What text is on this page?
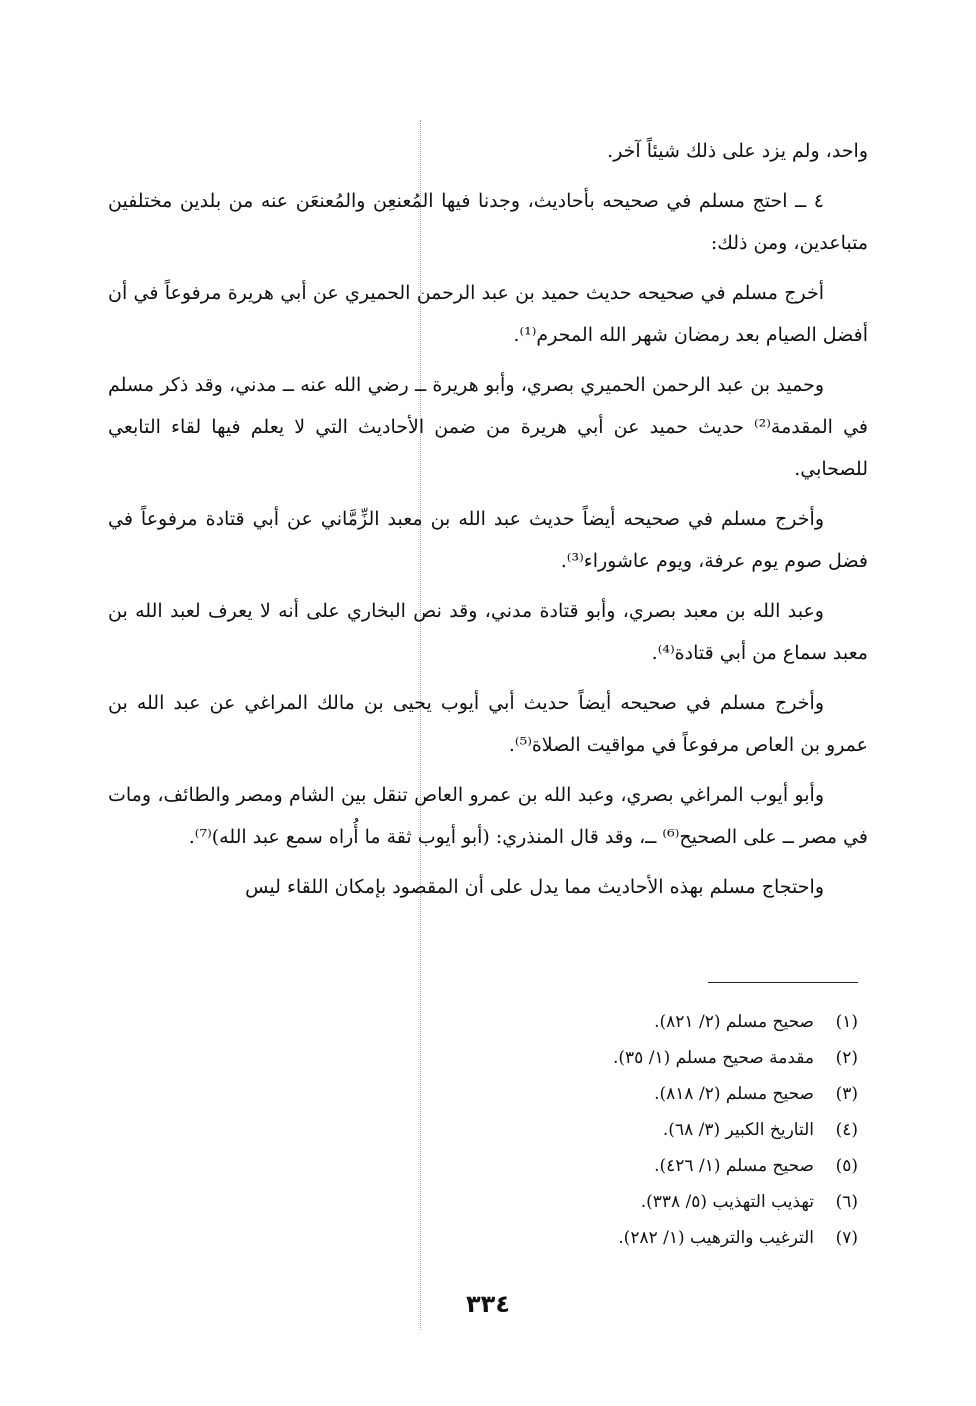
واحد، ولم يزد على ذلك شيئاً آخر.

٤ ــ احتج مسلم في صحيحه بأحاديث، وجدنا فيها المُعنعِن والمُعنعَن عنه من بلدين مختلفين متباعدين، ومن ذلك:

أخرج مسلم في صحيحه حديث حميد بن عبد الرحمن الحميري عن أبي هريرة مرفوعاً في أن أفضل الصيام بعد رمضان شهر الله المحرم⁽¹⁾.

وحميد بن عبد الرحمن الحميري بصري، وأبو هريرة ــ رضي الله عنه ــ مدني، وقد ذكر مسلم في المقدمة⁽²⁾ حديث حميد عن أبي هريرة من ضمن الأحاديث التي لا يعلم فيها لقاء التابعي للصحابي.

وأخرج مسلم في صحيحه أيضاً حديث عبد الله بن معبد الزِّمَّاني عن أبي قتادة مرفوعاً في فضل صوم يوم عرفة، ويوم عاشوراء⁽³⁾.

وعبد الله بن معبد بصري، وأبو قتادة مدني، وقد نص البخاري على أنه لا يعرف لعبد الله بن معبد سماع من أبي قتادة⁽⁴⁾.

وأخرج مسلم في صحيحه أيضاً حديث أبي أيوب يحيى بن مالك المراغي عن عبد الله بن عمرو بن العاص مرفوعاً في مواقيت الصلاة⁽⁵⁾.

وأبو أيوب المراغي بصري، وعبد الله بن عمرو العاص تنقل بين الشام ومصر والطائف، ومات في مصر ــ على الصحيح⁽⁶⁾ ــ، وقد قال المنذري: (أبو أيوب ثقة ما أُراه سمع عبد الله)⁽⁷⁾.

واحتجاج مسلم بهذه الأحاديث مما يدل على أن المقصود بإمكان اللقاء ليس

(١)
صحيح مسلم (٢/ ٨٢١).
(٢)
مقدمة صحيح مسلم (١/ ٣٥).
(٣)
صحيح مسلم (٢/ ٨١٨).
(٤)
التاريخ الكبير (٣/ ٦٨).
(٥)
صحيح مسلم (١/ ٤٢٦).
(٦)
تهذيب التهذيب (٥/ ٣٣٨).
(٧)
الترغيب والترهيب (١/ ٢٨٢).
٣٣٤
